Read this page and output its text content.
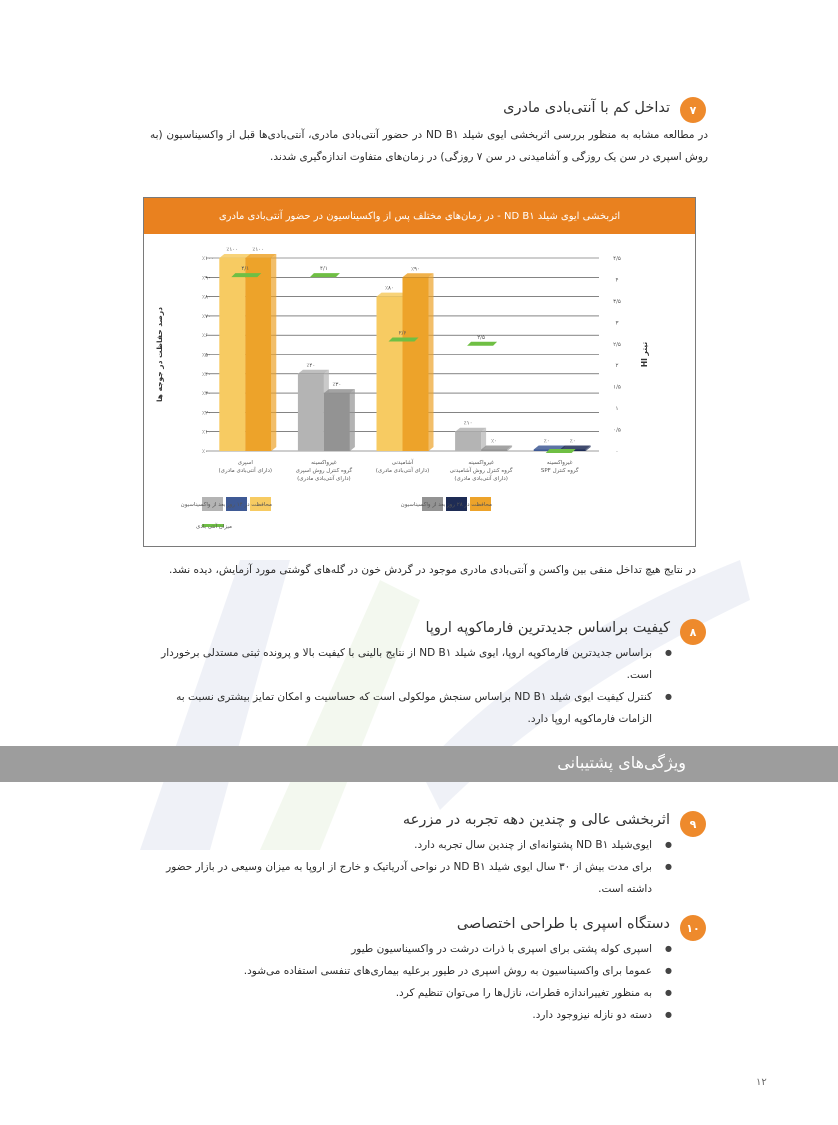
۷
تداخل کم با آنتی‌بادی مادری

در مطالعه مشابه به منظور بررسی اثربخشی ایوی شیلد ND B۱ در حضور آنتی‌بادی مادری، آنتی‌بادی‌ها قبل از واکسیناسیون (به روش اسپری در سن یک روزگی و آشامیدنی در سن ۷ روزگی) در زمان‌های متفاوت اندازه‌گیری شدند.

اثربخشی ایوی شیلد ND B۱ - در زمان‌های مختلف پس از واکسیناسیون در حضور آنتی‌بادی مادری
٪۰
٪۱۰
٪۲۰
٪۳۰
٪۴۰
٪۵۰
٪۶۰
٪۷۰
٪۸۰
٪۹۰
٪۱۰۰
۰
۰/۵
۱
۱/۵
۲
۲/۵
۳
۳/۵
۴
۴/۵
درصد حفاظت در جوجه ها	تیتر HI
٪۱۰۰	٪۱۰۰
۴/۱
اسپری
(دارای آنتی‌بادی مادری)
٪۴۰
٪۳۰
۴/۱
غیرواکسینه
گروه کنترل روش اسپری
(دارای آنتی‌بادی مادری)
٪۸۰
٪۹۰
۲/۶
آشامیدنی
(دارای آنتی‌بادی مادری)
٪۱۰
٪۰
۲/۵
غیرواکسینه
گروه کنترل روش آشامیدنی
(دارای آنتی‌بادی مادری)
٪۰	٪۰
غیرواکسینه
گروه کنترل SPF
محافظت در ۲۸ روز بعد از واکسیناسیون
محافظت در ۱۴ روز بعد از واکسیناسیون
میزان آنتی بادی

در نتایج هیچ تداخل منفی بین واکسن و آنتی‌بادی مادری موجود در گردش خون در گله‌های گوشتی مورد آزمایش، دیده نشد.

۸
کیفیت براساس جدیدترین فارماکوپه اروپا
● براساس جدیدترین فارماکوپه اروپا، ایوی شیلد ND B۱ از نتایج بالینی با کیفیت بالا و پرونده ثبتی مستدلی برخوردار است.
● کنترل کیفیت ایوی شیلد ND B۱ براساس سنجش مولکولی است که حساسیت و امکان تمایز بیشتری نسبت به الزامات فارماکوپه اروپا دارد.
ویژگی‌های پشتیبانی
۹
اثربخشی عالی و چندین دهه تجربه در مزرعه
● ایوی‌شیلد ND B۱ پشتوانه‌ای از چندین سال تجربه دارد.
● برای مدت بیش از ۳۰ سال ایوی شیلد ND B۱ در نواحی آدریاتیک و خارج از اروپا به میزان وسیعی در بازار حضور داشته است.
۱۰
دستگاه اسپری با طراحی اختصاصی
● اسپری کوله پشتی برای اسپری با ذرات درشت در واکسیناسیون طیور
● عموما برای واکسیناسیون به روش اسپری در طیور برعلیه بیماری‌های تنفسی استفاده می‌شود.
● به منظور تغییراندازه قطرات، نازل‌ها را می‌توان تنظیم کرد.
● دسته دو نازله نیزوجود دارد.
۱۲
